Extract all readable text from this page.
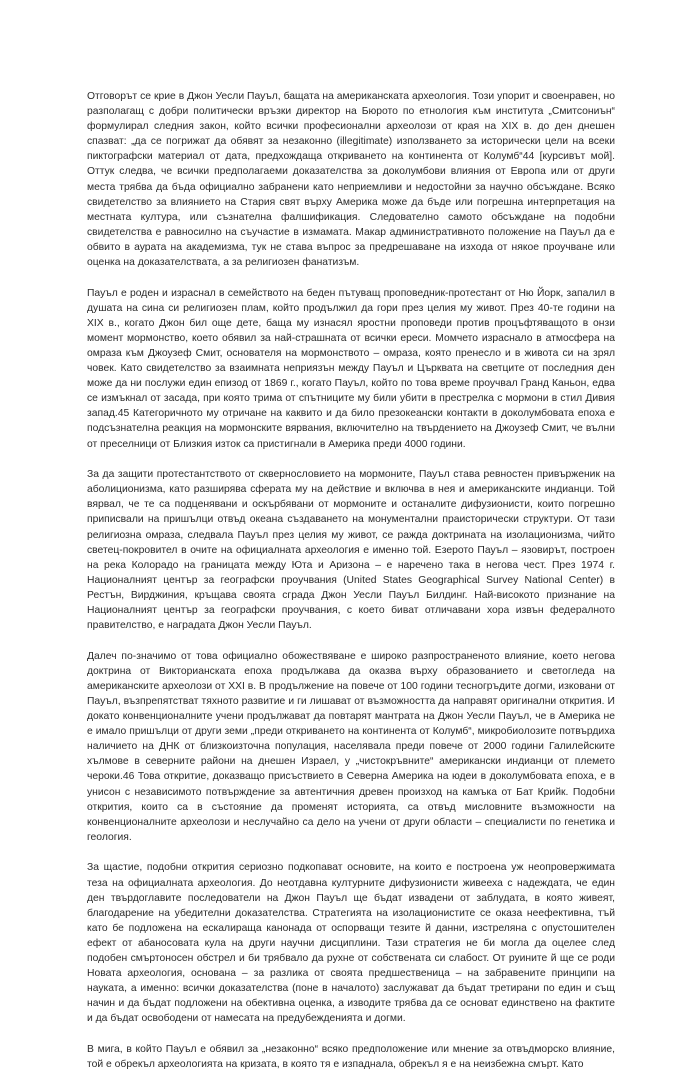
Отговорът се крие в Джон Уесли Пауъл, бащата на американската археология. Този упорит и своенравен, но разполагащ с добри политически връзки директор на Бюрото по етнология към института „Смитсониън“ формулирал следния закон, който всички професионални археолози от края на XIX в. до ден днешен спазват: „да се погрижат да обявят за незаконно (illegitimate) използването за исторически цели на всеки пиктографски материал от дата, предхождаща откриването на континента от Колумб“44 [курсивът мой]. Оттук следва, че всички предполагаеми доказателства за доколумбови влияния от Европа или от други места трябва да бъда официално забранени като неприемливи и недостойни за научно обсъждане. Всяко свидетелство за влиянието на Стария свят върху Америка може да бъде или погрешна интерпретация на местната култура, или съзнателна фалшификация. Следователно самото обсъждане на подобни свидетелства е равносилно на съучастие в измамата. Макар административното положение на Пауъл да е обвито в аурата на академизма, тук не става въпрос за предрешаване на изхода от някое проучване или оценка на доказателствата, а за религиозен фанатизъм.

Пауъл е роден и израснал в семейството на беден пътуващ проповедник-протестант от Ню Йорк, запалил в душата на сина си религиозен плам, който продължил да гори през целия му живот. През 40-те години на XIX в., когато Джон бил още дете, баща му изнасял яростни проповеди против процъфтяващото в онзи момент мормонство, което обявил за най-страшната от всички ереси. Момчето израснало в атмосфера на омраза към Джоузеф Смит, основателя на мормонството – омраза, която пренесло и в живота си на зрял човек. Като свидетелство за взаимната неприязън между Пауъл и Църквата на светците от последния ден може да ни послужи един епизод от 1869 г., когато Пауъл, който по това време проучвал Гранд Каньон, едва се измъкнал от засада, при която трима от спътниците му били убити в престрелка с мормони в стил Дивия запад.45 Категоричното му отричане на каквито и да било презокеански контакти в доколумбовата епоха е подсъзнателна реакция на мормонските вярвания, включително на твърдението на Джоузеф Смит, че вълни от преселници от Близкия изток са пристигнали в Америка преди 4000 години.

За да защити протестантството от сквернословието на мормоните, Пауъл става ревностен привърженик на аболиционизма, като разширява сферата му на действие и включва в нея и американските индианци. Той вярвал, че те са подценявани и оскърбявани от мормоните и останалите дифузионисти, които погрешно приписвали на пришълци отвъд океана създаването на монументални праисторически структури. От тази религиозна омраза, следвала Пауъл през целия му живот, се ражда доктрината на изолационизма, чийто светец-покровител в очите на официалната археология е именно той. Езерото Пауъл – язовирът, построен на река Колорадо на границата между Юта и Аризона – е наречено така в негова чест. През 1974 г. Националният център за географски проучвания (United States Geographical Survey National Center) в Рестън, Вирджиния, кръщава своята сграда Джон Уесли Пауъл Билдинг. Най-високото признание на Националният център за географски проучвания, с което биват отличавани хора извън федералното правителство, е наградата Джон Уесли Пауъл.

Далеч по-значимо от това официално обожествяване е широко разпространеното влияние, което негова доктрина от Викторианската епоха продължава да оказва върху образованието и светогледа на американските археолози от XXI в. В продължение на повече от 100 години тесногръдите догми, изковани от Пауъл, възпрепятстват тяхното развитие и ги лишават от възможността да направят оригинални открития. И докато конвенционалните учени продължават да повтарят мантрата на Джон Уесли Пауъл, че в Америка не е имало пришълци от други земи „преди откриването на континента от Колумб“, микробиолозите потвърдиха наличието на ДНК от близкоизточна популация, населявала преди повече от 2000 години Галилейските хълмове в северните райони на днешен Израел, у „чистокръвните“ американски индианци от племето чероки.46 Това откритие, доказващо присъствието в Северна Америка на юдеи в доколумбовата епоха, е в унисон с независимото потвърждение за автентичния древен произход на камъка от Бат Крийк. Подобни открития, които са в състояние да променят историята, са отвъд мисловните възможности на конвенционалните археолози и неслучайно са дело на учени от други области – специалисти по генетика и геология.

За щастие, подобни открития сериозно подкопават основите, на които е построена уж неопровержимата теза на официалната археология. До неотдавна културните дифузионисти живееха с надеждата, че един ден твърдоглавите последователи на Джон Пауъл ще бъдат извадени от заблудата, в която живеят, благодарение на убедителни доказателства. Стратегията на изолационистите се оказа неефективна, тъй като бе подложена на ескалираща канонада от оспорващи тезите й данни, изстреляна с опустошителен ефект от абаносовата кула на други научни дисциплини. Тази стратегия не би могла да оцелее след подобен смъртоносен обстрел и би трябвало да рухне от собствената си слабост. От руините й ще се роди Новата археология, основана – за разлика от своята предшественица – на забравените принципи на науката, а именно: всички доказателства (поне в началото) заслужават да бъдат третирани по един и същ начин и да бъдат подложени на обективна оценка, а изводите трябва да се основат единствено на фактите и да бъдат освободени от намесата на предубежденията и догми.

В мига, в който Пауъл е обявил за „незаконно“ всяко предположение или мнение за отвъдморско влияние, той е обрекъл археологията на кризата, в която тя е изпаднала, обрекъл я е на неизбежна смърт. Като
